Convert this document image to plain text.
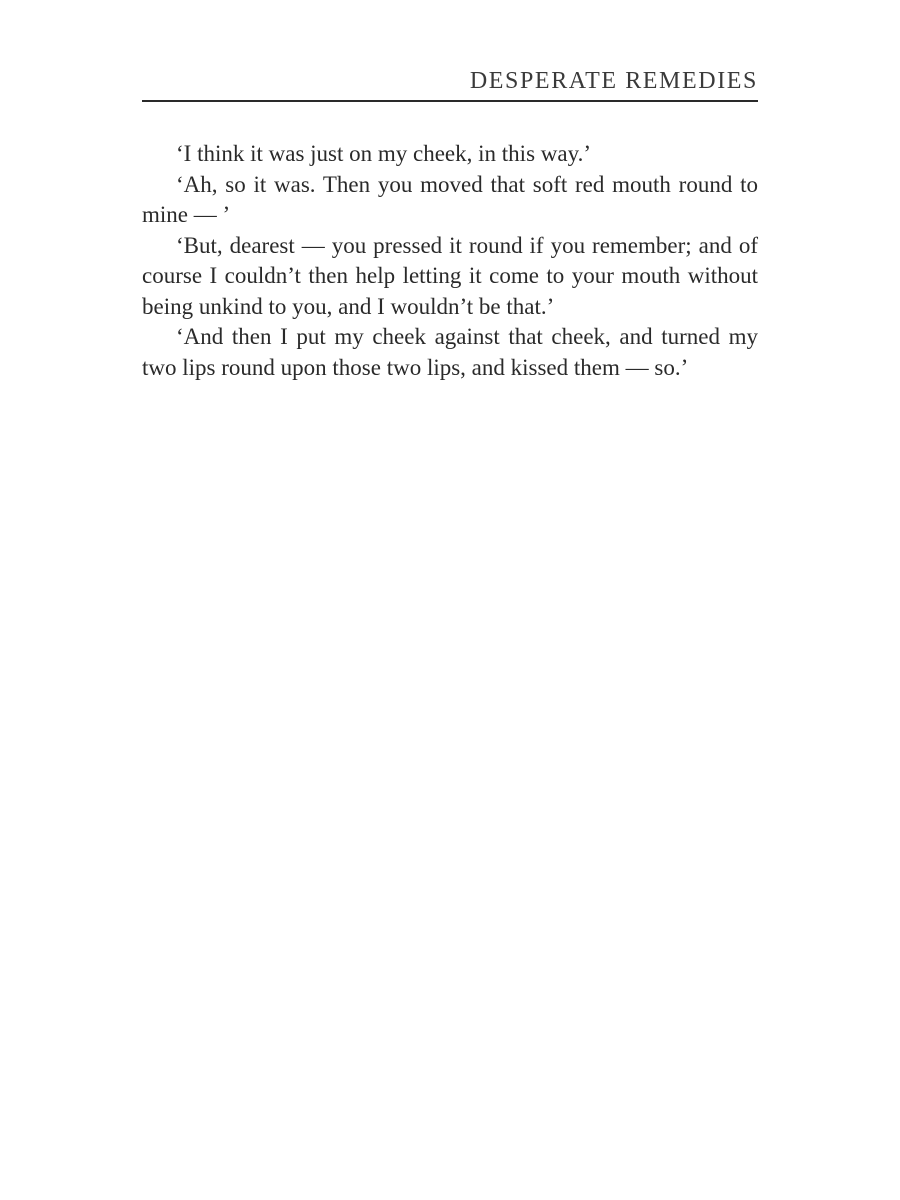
DESPERATE REMEDIES

‘I think it was just on my cheek, in this way.’

‘Ah, so it was. Then you moved that soft red mouth round to mine — ’

‘But, dearest — you pressed it round if you remember; and of course I couldn’t then help letting it come to your mouth without being unkind to you, and I wouldn’t be that.’

‘And then I put my cheek against that cheek, and turned my two lips round upon those two lips, and kissed them — so.’
